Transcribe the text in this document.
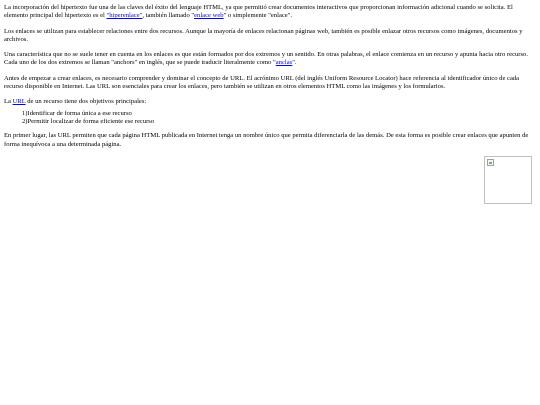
La incorporación del hipertexto fue una de las claves del éxito del lenguaje HTML, ya que permitió crear documentos interactivos que proporcionan información adicional cuando se solicita. El elemento principal del hipertexto es el "hiperenlace", también llamado "enlace web" o simplemente "enlace".

Los enlaces se utilizan para establecer relaciones entre dos recursos. Aunque la mayoría de enlaces relacionan páginas web, también es posible enlazar otros recursos como imágenes, documentos y archivos.

Una característica que no se suele tener en cuenta en los enlaces es que están formados por dos extremos y un sentido. En otras palabras, el enlace comienza en un recurso y apunta hacia otro recurso. Cada uno de los dos extremos se llaman "anchors" en inglés, que se puede traducir literalmente como "anclas".

Antes de empezar a crear enlaces, es necesario comprender y dominar el concepto de URL. El acrónimo URL (del inglés Uniform Resource Locator) hace referencia al identificador único de cada recurso disponible en Internet. Las URL son esenciales para crear los enlaces, pero también se utilizan en otros elementos HTML como las imágenes y los formularios.

La URL de un recurso tiene dos objetivos principales:

1)Identificar de forma única a ese recurso
2)Permitir localizar de forma eficiente ese recurso

En primer lugar, las URL permiten que cada página HTML publicada en Internet tenga un nombre único que permita diferenciarla de las demás. De esta forma es posible crear enlaces que apunten de forma inequívoca a una determinada página.
